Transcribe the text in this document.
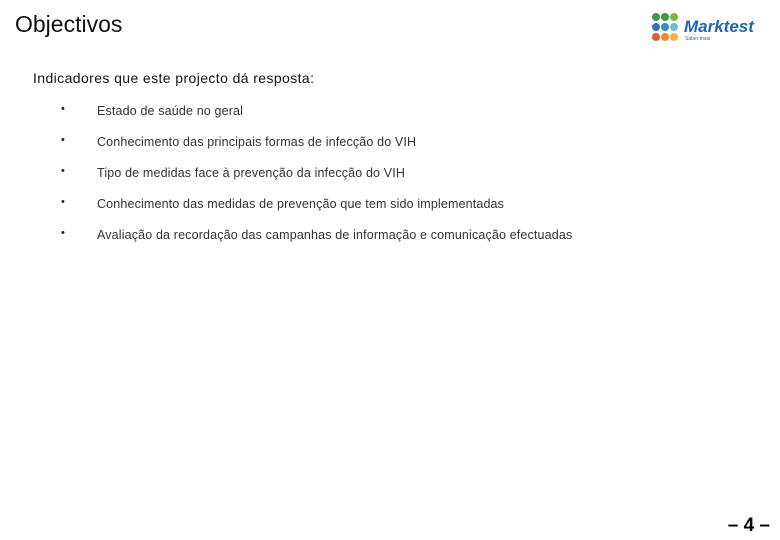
Objectivos	Marktest
Saber mais
Indicadores que este projecto dá resposta:
•	Estado de saúde no geral
•	Conhecimento das principais formas de infecção do VIH
•	Tipo de medidas face à prevenção da infecção do VIH
•	Conhecimento das medidas de prevenção que tem sido implementadas
•	Avaliação da recordação das campanhas de informação e comunicação efectuadas
– 4 –
